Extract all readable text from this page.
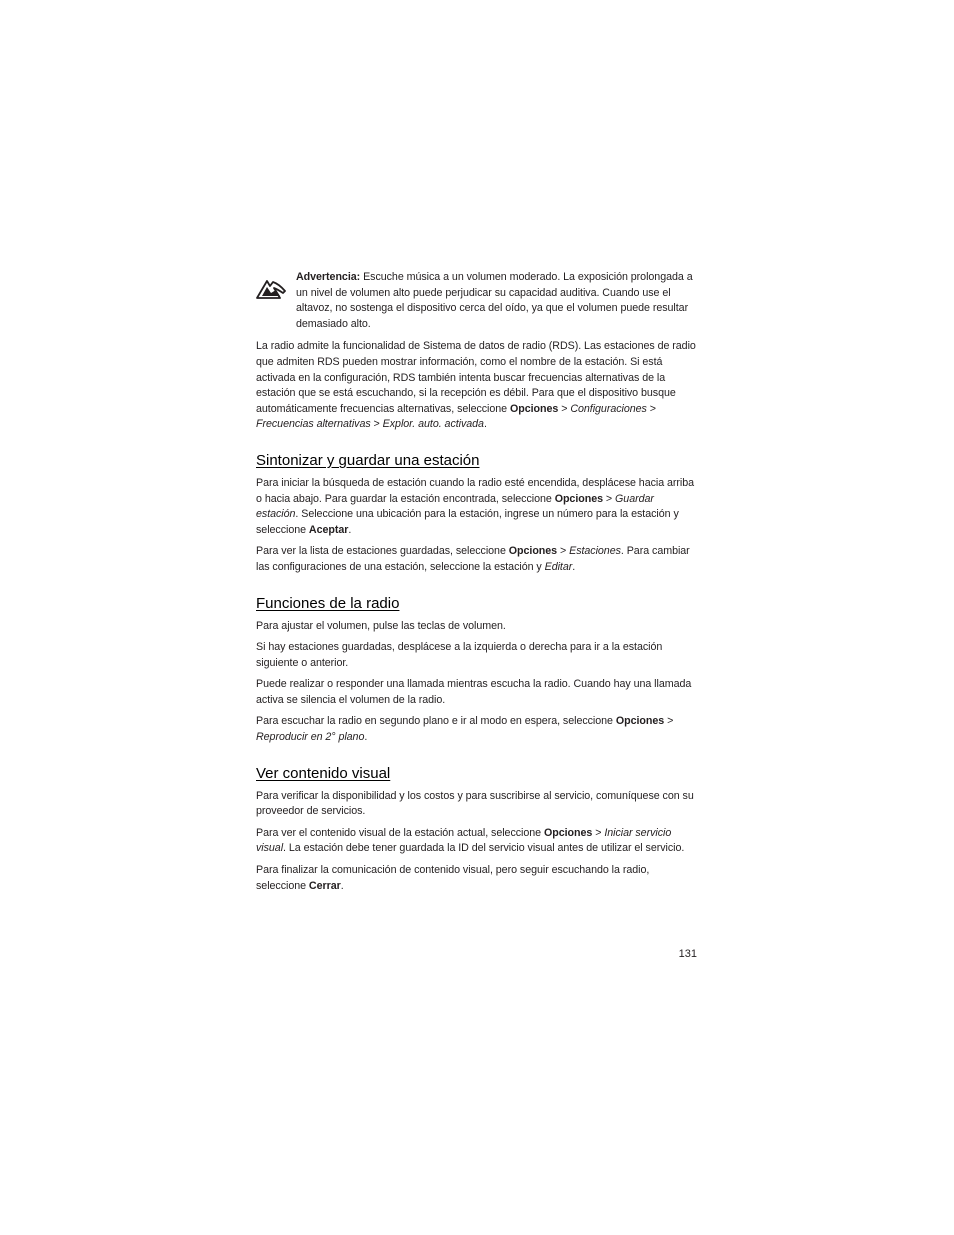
Advertencia: Escuche música a un volumen moderado. La exposición prolongada a un nivel de volumen alto puede perjudicar su capacidad auditiva. Cuando use el altavoz, no sostenga el dispositivo cerca del oído, ya que el volumen puede resultar demasiado alto.

La radio admite la funcionalidad de Sistema de datos de radio (RDS). Las estaciones de radio que admiten RDS pueden mostrar información, como el nombre de la estación. Si está activada en la configuración, RDS también intenta buscar frecuencias alternativas de la estación que se está escuchando, si la recepción es débil. Para que el dispositivo busque automáticamente frecuencias alternativas, seleccione Opciones > Configuraciones > Frecuencias alternativas > Explor. auto. activada.

Sintonizar y guardar una estación

Para iniciar la búsqueda de estación cuando la radio esté encendida, desplácese hacia arriba o hacia abajo. Para guardar la estación encontrada, seleccione Opciones > Guardar estación. Seleccione una ubicación para la estación, ingrese un número para la estación y seleccione Aceptar.

Para ver la lista de estaciones guardadas, seleccione Opciones > Estaciones. Para cambiar las configuraciones de una estación, seleccione la estación y Editar.

Funciones de la radio

Para ajustar el volumen, pulse las teclas de volumen.

Si hay estaciones guardadas, desplácese a la izquierda o derecha para ir a la estación siguiente o anterior.

Puede realizar o responder una llamada mientras escucha la radio. Cuando hay una llamada activa se silencia el volumen de la radio.

Para escuchar la radio en segundo plano e ir al modo en espera, seleccione Opciones > Reproducir en 2° plano.

Ver contenido visual

Para verificar la disponibilidad y los costos y para suscribirse al servicio, comuníquese con su proveedor de servicios.

Para ver el contenido visual de la estación actual, seleccione Opciones > Iniciar servicio visual. La estación debe tener guardada la ID del servicio visual antes de utilizar el servicio.

Para finalizar la comunicación de contenido visual, pero seguir escuchando la radio, seleccione Cerrar.

131
